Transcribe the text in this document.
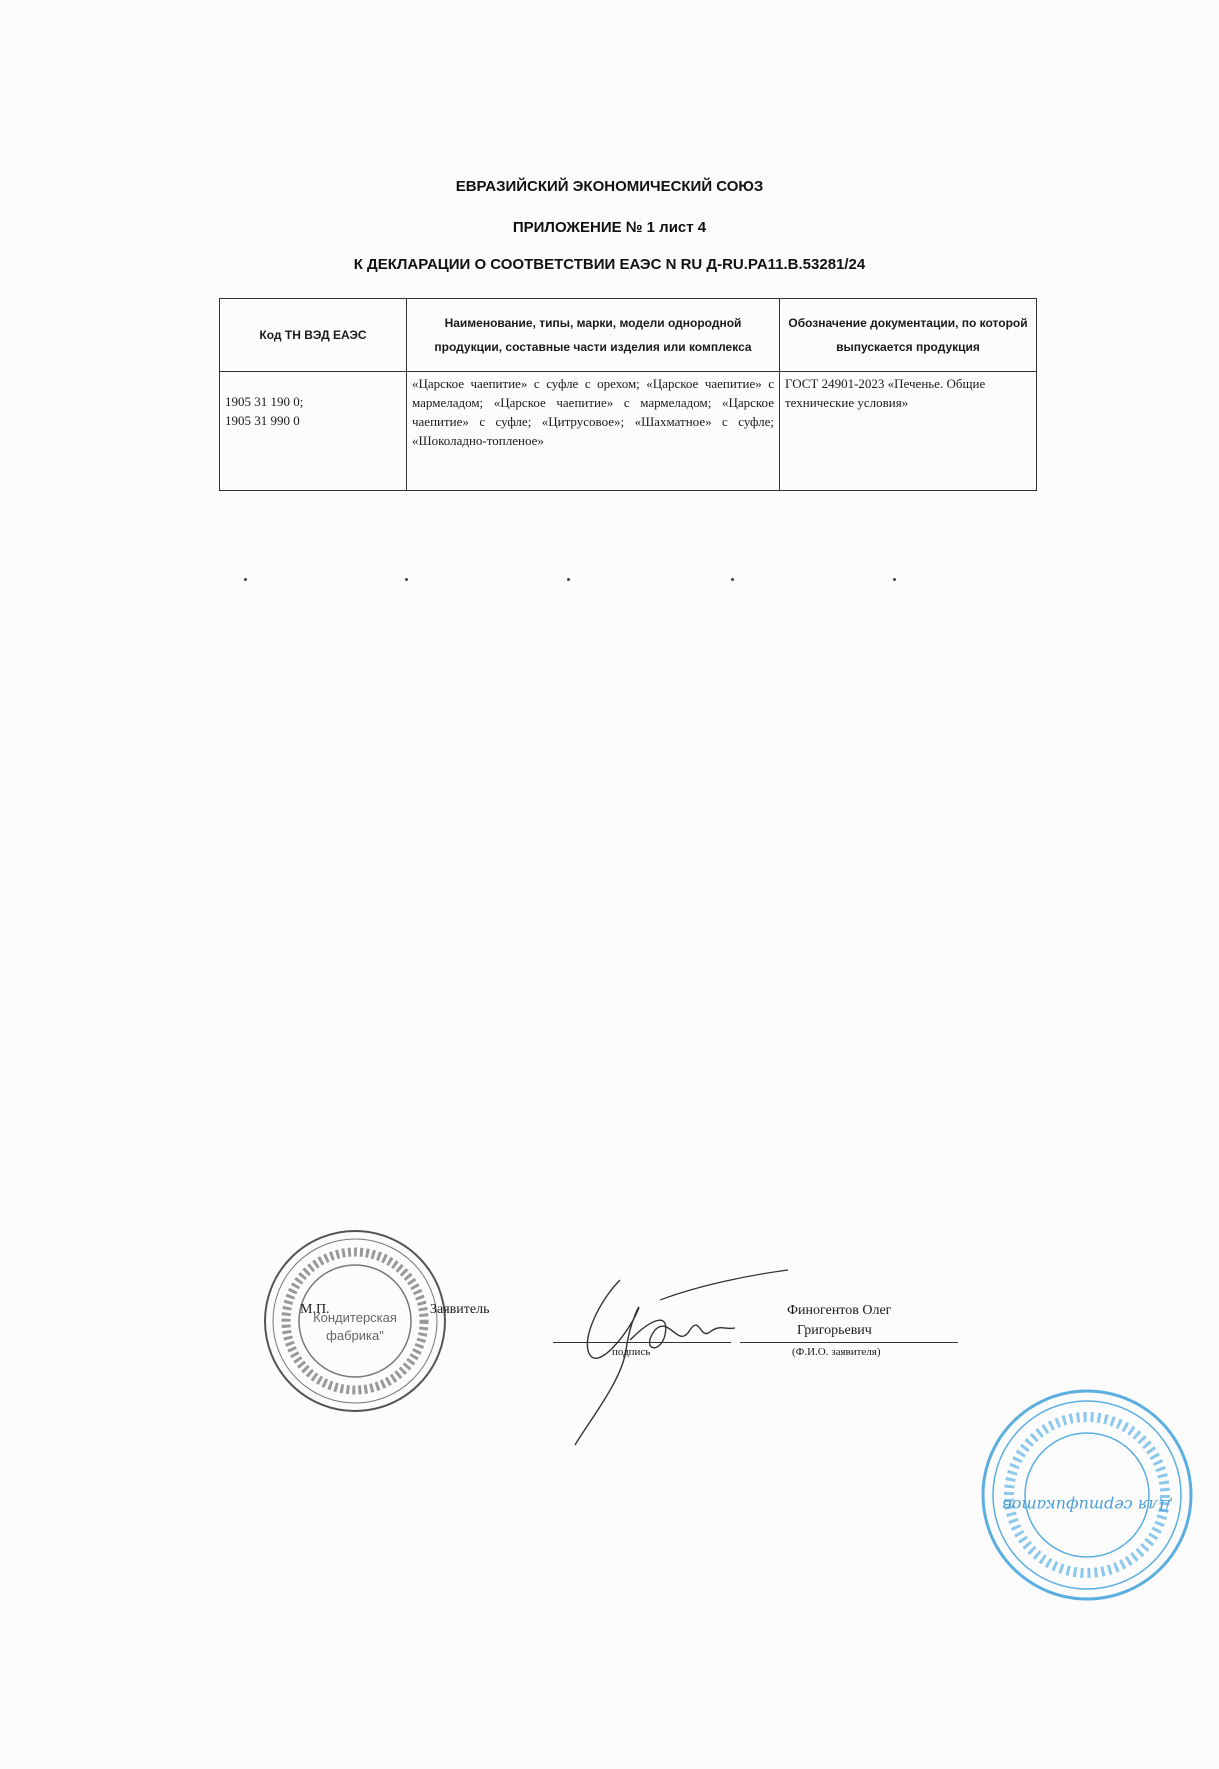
ЕВРАЗИЙСКИЙ ЭКОНОМИЧЕСКИЙ СОЮЗ
ПРИЛОЖЕНИЕ № 1 лист 4
К ДЕКЛАРАЦИИ О СООТВЕТСТВИИ ЕАЭС N RU Д-RU.PA11.B.53281/24
Код ТН ВЭД ЕАЭС	Наименование, типы, марки, модели однородной продукции, составные части изделия или комплекса	Обозначение документации, по которой выпускается продукция

1905 31 190 0;
1905 31 990 0	«Царское чаепитие» с суфле с орехом; «Царское чаепитие» с мармеладом; «Царское чаепитие» с мармеладом; «Царское чаепитие» с суфле; «Цитрусовое»; «Шахматное» с суфле; «Шоколадно-топленое»	ГОСТ 24901-2023 «Печенье. Общие технические условия»
Кондитерская
фабрика"
М.П.	Заявитель
подпись
Финогентов Олег
Григорьевич
(Ф.И.О. заявителя)
Для сертификатов
